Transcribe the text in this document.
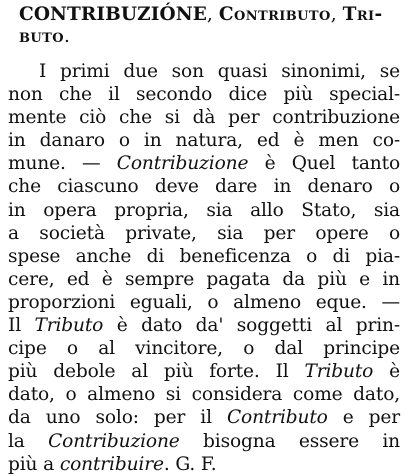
CONTRIBUZIÓNE, Contributo, Tri-
buto.
I primi due son quasi sinonimi, se
non che il secondo dice più special-
mente ciò che si dà per contribuzione
in danaro o in natura, ed è men co-
mune. — Contribuzione è Quel tanto
che ciascuno deve dare in denaro o
in opera propria, sia allo Stato, sia
a società private, sia per opere o
spese anche di beneficenza o di pia-
cere, ed è sempre pagata da più e in
proporzioni eguali, o almeno eque. —
Il Tributo è dato da' soggetti al prin-
cipe o al vincitore, o dal principe
più debole al più forte. Il Tributo è
dato, o almeno si considera come dato,
da uno solo: per il Contributo e per
la Contribuzione bisogna essere in
più a contribuire. G. F.
